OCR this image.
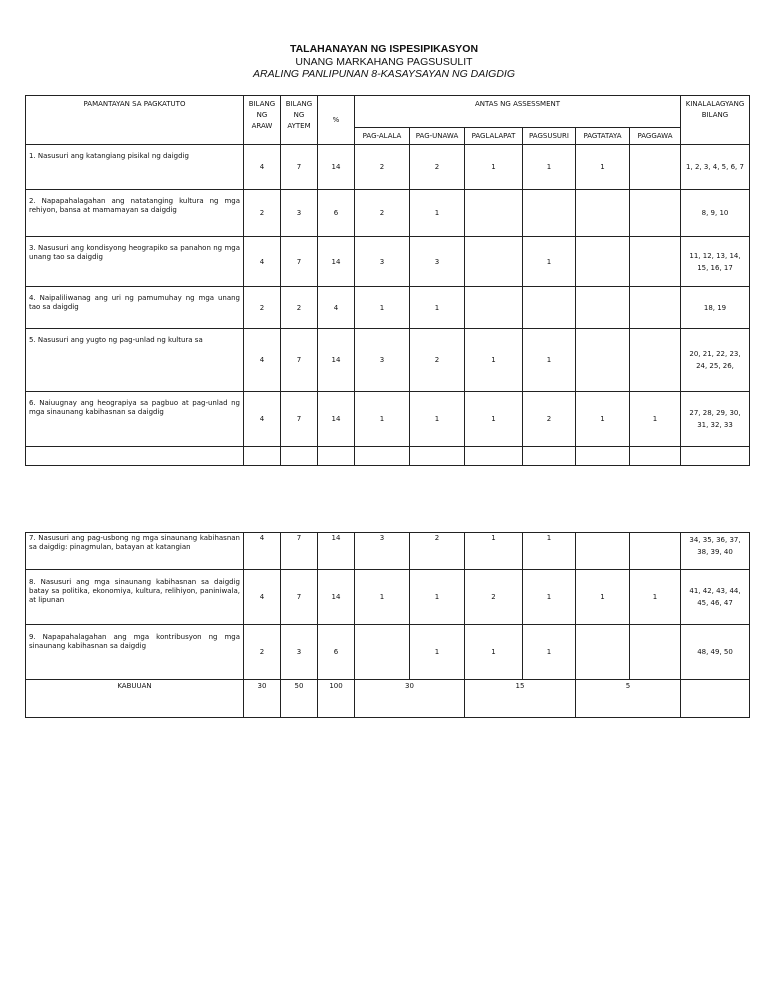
TALAHANAYAN NG ISPESIPIKASYON
UNANG MARKAHANG PAGSUSULIT
ARALING PANLIPUNAN 8-KASAYSAYAN NG DAIGDIG
PAMANTAYAN SA PAGKATUTO	BILANG NG ARAW	BILANG NG AYTEM	%	ANTAS NG ASSESSMENT						KINALALAGYANG BILANG
				PAG-ALALA	PAG-UNAWA	PAGLALAPAT	PAGSUSURI	PAGTATAYA	PAGGAWA	
1. Nasusuri ang katangiang pisikal ng daigdig	4	7	14	2	2	1	1	1		1, 2, 3, 4, 5, 6, 7
2. Napapahalagahan ang natatanging kultura ng mga rehiyon, bansa at mamamayan sa daigdig	2	3	6	2	1					8, 9, 10
3. Nasusuri ang kondisyong heograpiko sa panahon ng mga unang tao sa daigdig	4	7	14	3	3		1			11, 12, 13, 14, 15, 16, 17
4. Naipaliliwanag ang uri ng pamumuhay ng mga unang tao sa daigdig	2	2	4	1	1					18, 19
5. Nasusuri ang yugto ng pag-unlad ng kultura sa	4	7	14	3	2	1	1			20, 21, 22, 23, 24, 25, 26,
6. Naiuugnay ang heograpiya sa pagbuo at pag-unlad ng mga sinaunang kabihasnan sa daigdig	4	7	14	1	1	1	2	1	1	27, 28, 29, 30, 31, 32, 33

7. Nasusuri ang pag-usbong ng mga sinaunang kabihasnan sa daigdig: pinagmulan, batayan at katangian	4	7	14	3	2	1	1			34, 35, 36, 37, 38, 39, 40
8. Nasusuri ang mga sinaunang kabihasnan sa daigdig batay sa politika, ekonomiya, kultura, relihiyon, paniniwala, at lipunan	4	7	14	1	1	2	1	1	1	41, 42, 43, 44, 45, 46, 47
9. Napapahalagahan ang mga kontribusyon ng mga sinaunang kabihasnan sa daigdig	2	3	6		1	1	1			48, 49, 50
KABUUAN	30	50	100	30		15		5		
